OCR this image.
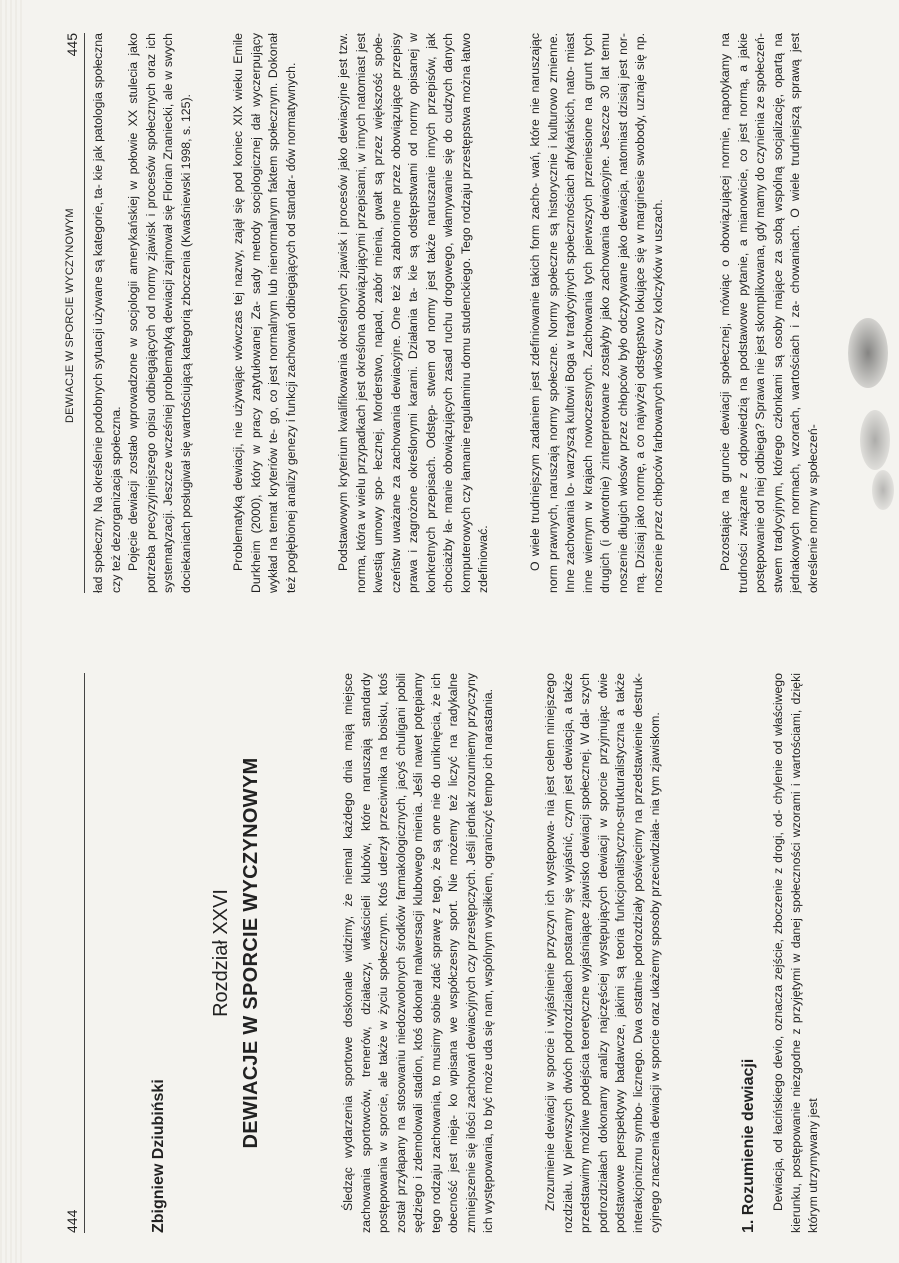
444	Zbigniew Dziubiński
Rozdział XXVI DEWIACJE W SPORCIE WYCZYNOWYM	Śledząc wydarzenia sportowe doskonale widzimy, że niemal każdego dnia mają miejsce zachowania sportowców, trenerów, działaczy, właścicieli klubów, które naruszają standardy postępowania w sporcie, ale także w życiu społecznym. Ktoś uderzył przeciwnika na boisku, ktoś został przyłapany na stosowaniu niedozwolonych środków farmakologicznych, jacyś chuligani pobili sędziego i zdemolowali stadion, ktoś dokonał malwersacji klubowego mienia. Jeśli nawet potępiamy tego rodzaju zachowania, to musimy sobie zdać sprawę z tego, że są one nie do uniknięcia, że ich obecność jest nieja- ko wpisana we współczesny sport. Nie możemy też liczyć na radykalne zmniejszenie się ilości zachowań dewiacyjnych czy przestępczych. Jeśli jednak zrozumiemy przyczyny ich występowania, to być może uda się nam, wspólnym wysiłkiem, ograniczyć tempo ich narastania.	Zrozumienie dewiacji w sporcie i wyjaśnienie przyczyn ich występowa- nia jest celem niniejszego rozdziału. W pierwszych dwóch podrozdziałach postaramy się wyjaśnić, czym jest dewiacja, a także przedstawimy możliwe podejścia teoretyczne wyjaśniające zjawisko dewiacji społecznej. W dal- szych podrozdziałach dokonamy analizy najczęściej występujących dewiacji w sporcie przyjmując dwie podstawowe perspektywy badawcze, jakimi są teoria funkcjonalistyczno-strukturalistyczna a także interakcjonizmu symbo- licznego. Dwa ostatnie podrozdziały poświęcimy na przedstawienie destruk- cyjnego znaczenia dewiacji w sporcie oraz ukażemy sposoby przeciwdziała- nia tym zjawiskom.	1. Rozumienie dewiacji Dewiacja, od łacińskiego devio, oznacza zejście, zboczenie z drogi, od- chylenie od właściwego kierunku, postępowanie niezgodne z przyjętymi w danej społeczności wzorami i wartościami, dzięki którym utrzymywany jest

DEWIACJE W SPORCIE WYCZYNOWYM
445 ład społeczny. Na określenie podobnych sytuacji używane są kategorie, ta- kie jak patologia społeczna czy też dezorganizacja społeczna. Pojęcie dewiacji zostało wprowadzone w socjologii amerykańskiej w połowie XX stulecia jako potrzeba precyzyjniejszego opisu odbiegających od normy zjawisk i procesów społecznych oraz ich systematyzacji. Jeszcze wcześniej problematyką dewiacji zajmował się Florian Znaniecki, ale w swych dociekaniach posługiwał się wartościującą kategorią zboczenia (Kwaśniewski 1998, s. 125).	Problematyką dewiacji, nie używając wówczas tej nazwy, zajął się pod koniec XIX wieku Emile Durkheim (2000), który w pracy zatytułowanej Za- sady metody socjologicznej dał wyczerpujący wykład na temat kryteriów te- go, co jest normalnym lub nienormalnym faktem społecznym. Dokonał też pogłębionej analizy genezy i funkcji zachowań odbiegających od standar- dów normatywnych.	Podstawowym kryterium kwalifikowania określonych zjawisk i procesów jako dewiacyjne jest tzw. norma, która w wielu przypadkach jest określona obowiązującymi przepisami, w innych natomiast jest kwestią umowy spo- łecznej. Morderstwo, napad, zabór mienia, gwałt są przez większość społe- czeństw uważane za zachowania dewiacyjne. One też są zabronione przez obowiązujące przepisy prawa i zagrożone określonymi karami. Działania ta- kie są odstępstwami od normy opisanej w konkretnych przepisach. Odstęp- stwem od normy jest także naruszanie innych przepisów, jak chociażby ła- manie obowiązujących zasad ruchu drogowego, włamywanie się do cudzych danych komputerowych czy łamanie regulaminu domu studenckiego. Tego rodzaju przestępstwa można łatwo zdefiniować.	O wiele trudniejszym zadaniem jest zdefiniowanie takich form zacho- wań, które nie naruszając norm prawnych, naruszają normy społeczne. Normy społeczne są historycznie i kulturowo zmienne. Inne zachowania lo- warzyszą kultowi Boga w tradycyjnych społecznościach afrykańskich, nato- miast inne wiernym w krajach nowoczesnych. Zachowania tych pierwszych przeniesione na grunt tych drugich (i odwrotnie) zinterpretowane zostałyby jako zachowania dewiacyjne. Jeszcze 30 lat temu noszenie długich włosów przez chłopców było odczytywane jako dewiacja, natomiast dzisiaj jest nor- mą. Dzisiaj jako normę, a co najwyżej odstępstwo lokujące się w marginesie swobody, uznaje się np. noszenie przez chłopców farbowanych włosów czy kolczyków w uszach.	Pozostając na gruncie dewiacji społecznej, mówiąc o obowiązującej normie, napotykamy na trudności związane z odpowiedzią na podstawowe pytanie, a mianowicie, co jest normą, a jakie postępowanie od niej odbiega? Sprawa nie jest skomplikowana, gdy mamy do czynienia ze społeczeń- stwem tradycyjnym, którego członkami są osoby mające za sobą wspólną socjalizację, opartą na jednakowych normach, wzorach, wartościach i za- chowaniach. O wiele trudniejszą sprawą jest określenie normy w społeczeń-
